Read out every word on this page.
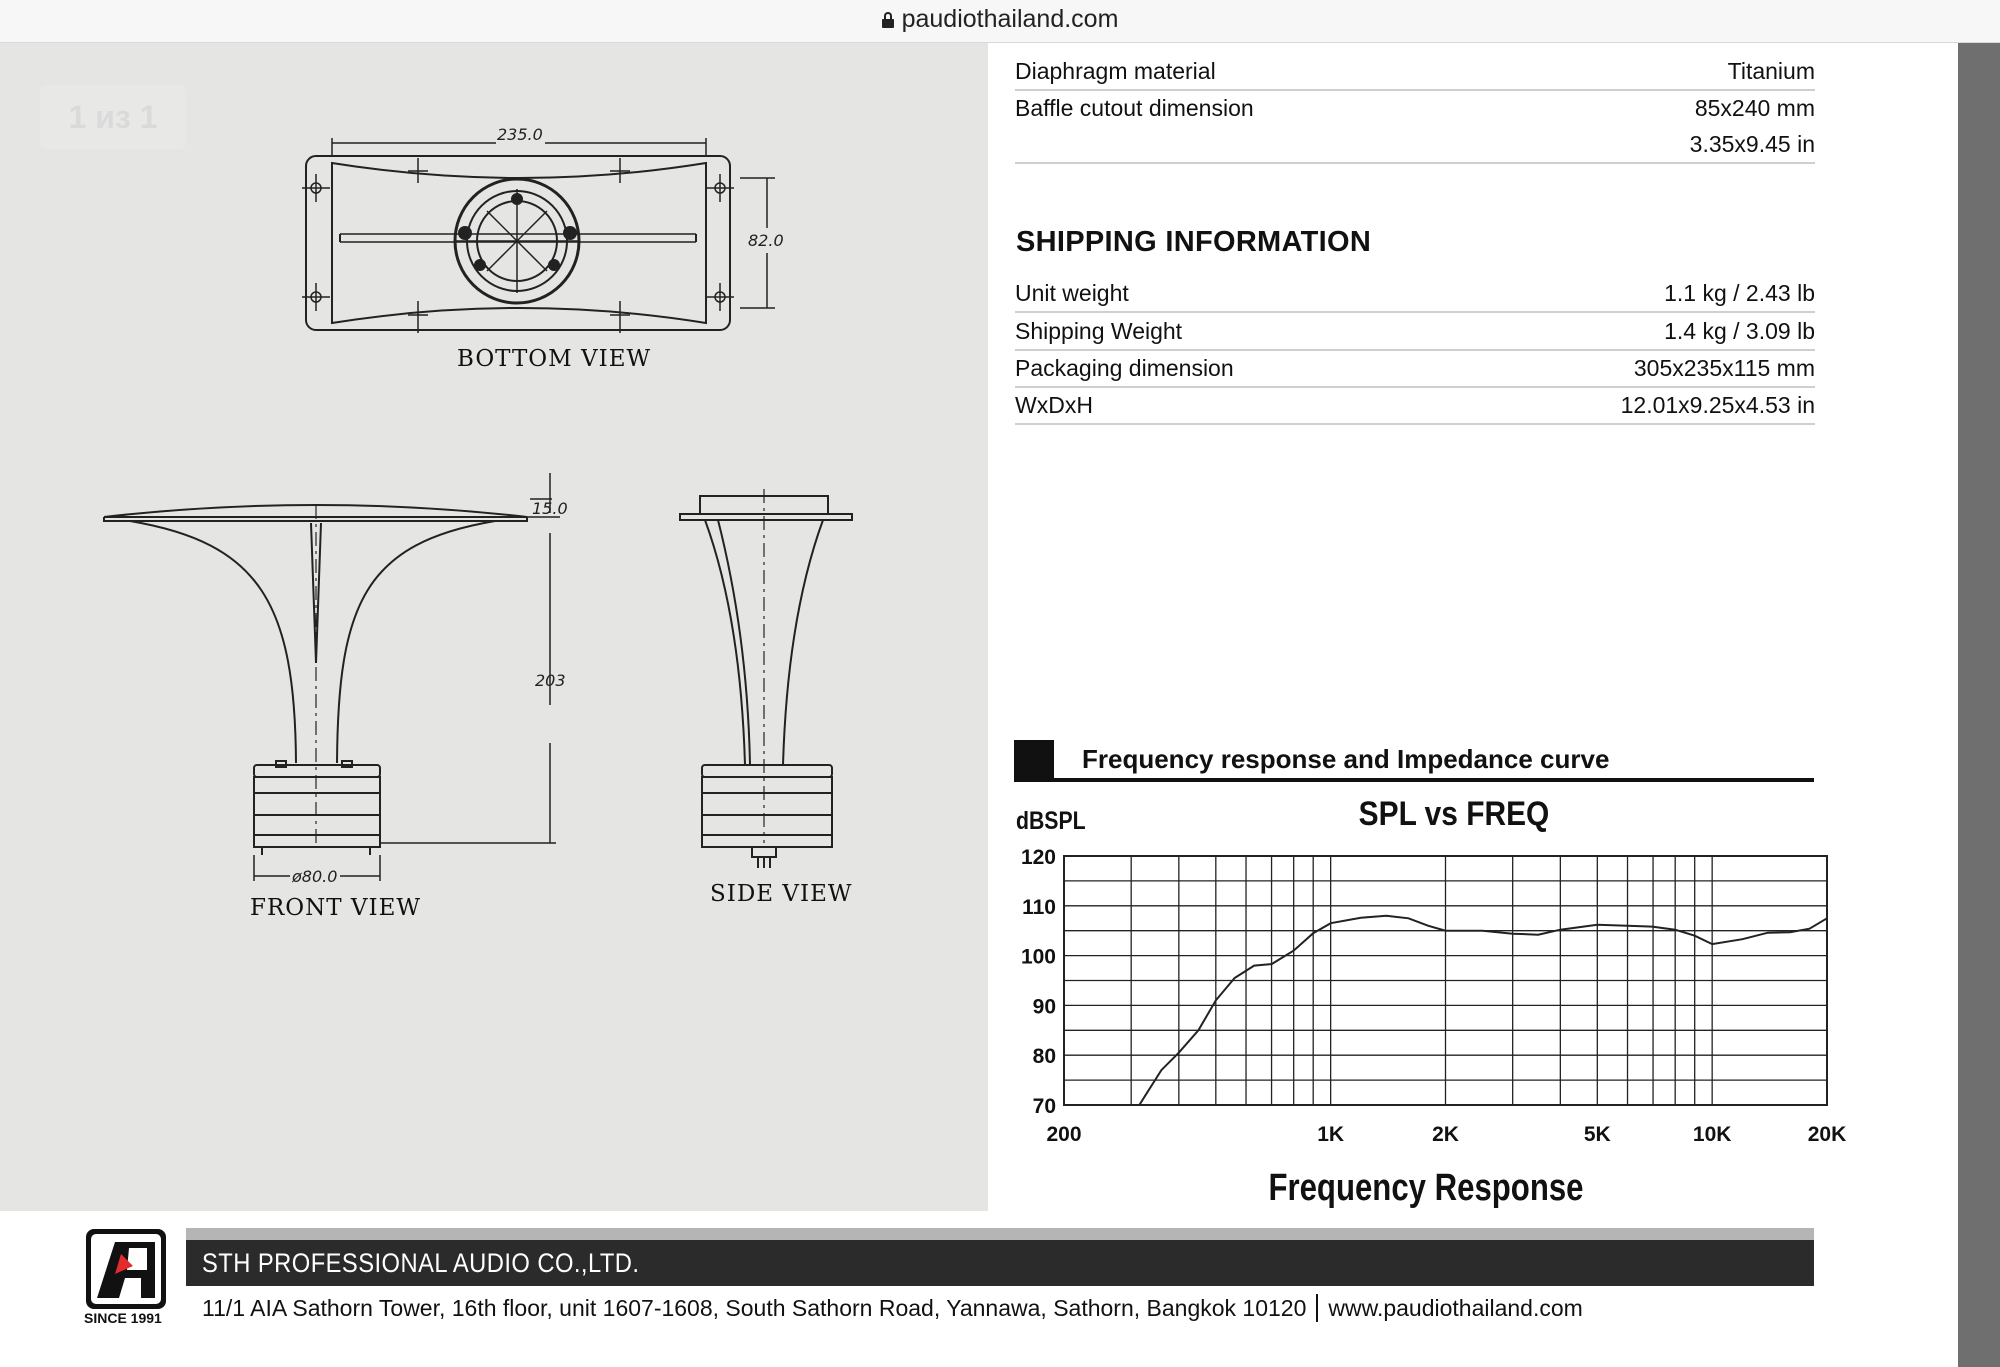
paudiothailand.com
1 из 1	235.0
82.0
15.0
203
ø80.0
BOTTOM VIEW
FRONT VIEW
SIDE VIEW
Diaphragm material	Titanium
Baffle cutout dimension	85x240 mm
3.35x9.45 in
SHIPPING INFORMATION
Unit weight	1.1 kg / 2.43 lb
Shipping Weight	1.4 kg / 3.09 lb
Packaging dimension	305x235x115 mm
WxDxH	12.01x9.25x4.53 in
Frequency response and Impedance curve
SPL vs FREQ
dBSPL
Frequency Response
120
110
100
90
80
70
200	1K	2K	5K	10K	20K
SINCE 1991
STH PROFESSIONAL AUDIO CO.,LTD.
11/1 AIA Sathorn Tower, 16th floor, unit 1607-1608, South Sathorn Road, Yannawa, Sathorn, Bangkok 10120 www.paudiothailand.com
